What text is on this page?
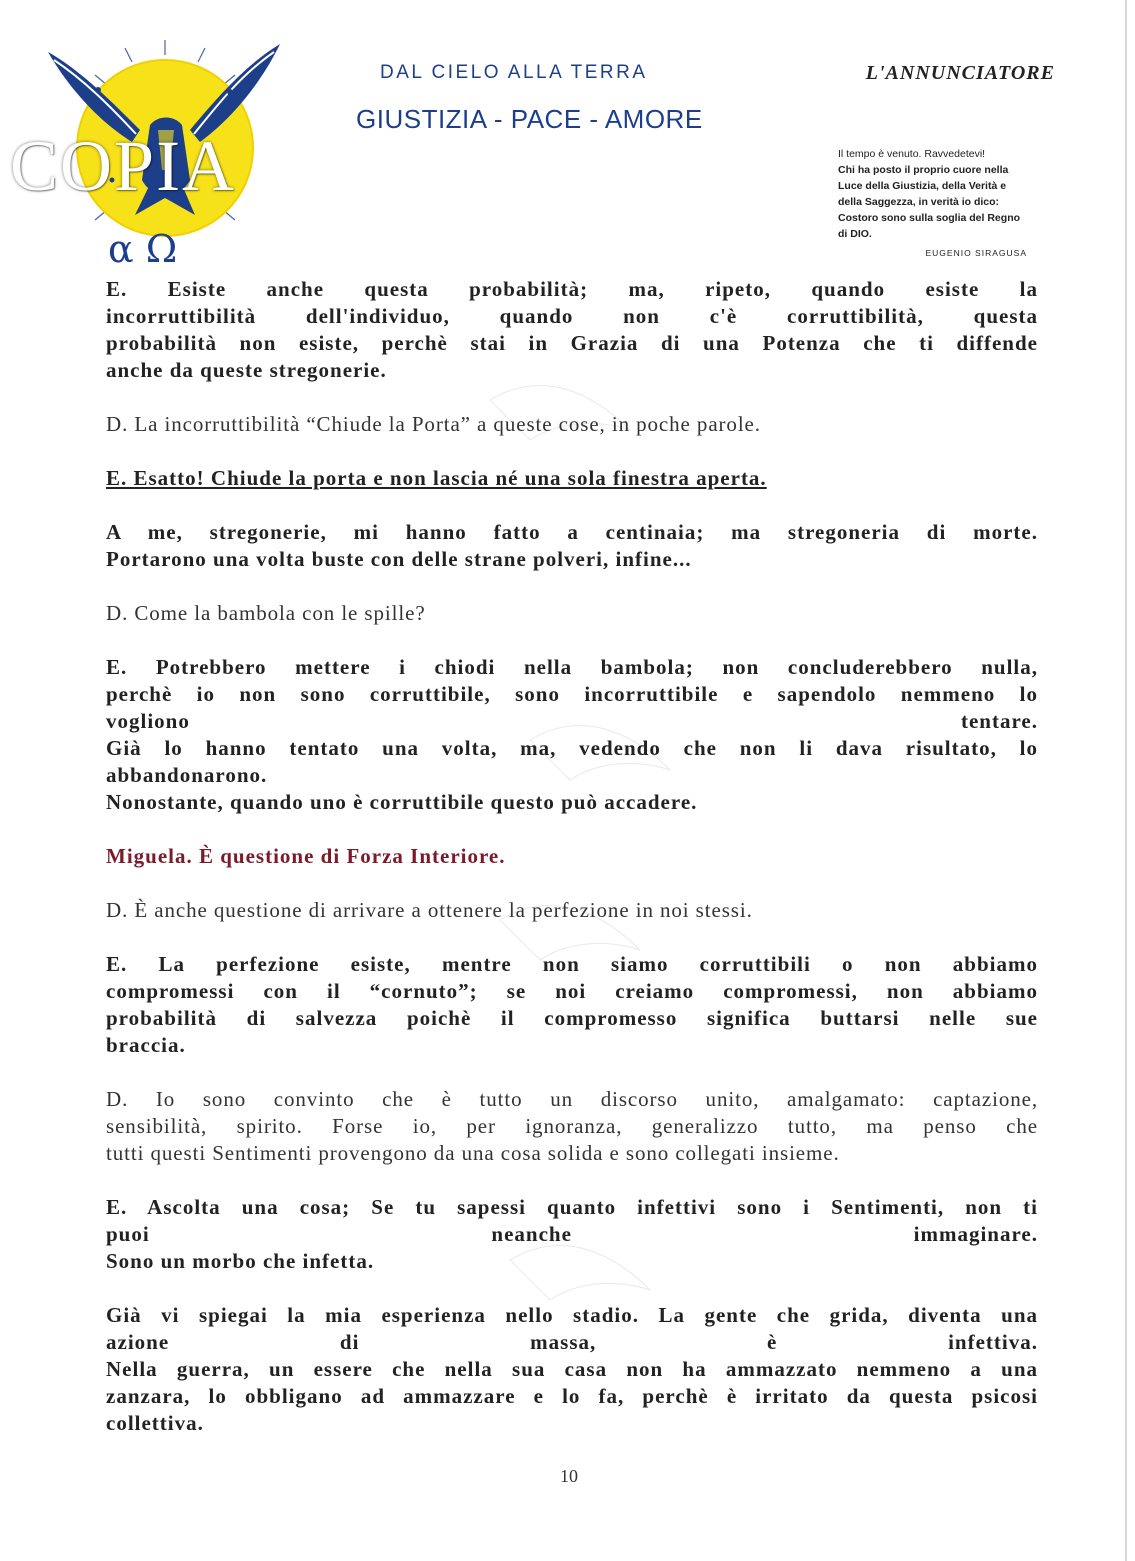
α Ω
COPIA
DAL CIELO ALLA TERRA
GIUSTIZIA - PACE - AMORE
L'ANNUNCIATORE
Il tempo è venuto. Ravvedetevi!
Chi ha posto il proprio cuore nella
Luce della Giustizia, della Verità e
della Saggezza, in verità io dico:
Costoro sono sulla soglia del Regno
di DIO.
EUGENIO SIRAGUSA
E. Esiste anche questa probabilità; ma, ripeto, quando esiste la
incorruttibilità dell'individuo, quando non c'è corruttibilità, questa
probabilità non esiste, perchè stai in Grazia di una Potenza che ti diffende
anche da queste stregonerie.
D. La incorruttibilità “Chiude la Porta” a queste cose, in poche parole.
E. Esatto! Chiude la porta e non lascia né una sola finestra aperta.
A me, stregonerie, mi hanno fatto a centinaia; ma stregoneria di morte.
Portarono una volta buste con delle strane polveri, infine...
D. Come la bambola con le spille?
E. Potrebbero mettere i chiodi nella bambola; non concluderebbero nulla,
perchè io non sono corruttibile, sono incorruttibile e sapendolo nemmeno lo
vogliono tentare.
Già lo hanno tentato una volta, ma, vedendo che non li dava risultato, lo
abbandonarono.
Nonostante, quando uno è corruttibile questo può accadere.
Miguela. È questione di Forza Interiore.
D. È anche questione di arrivare a ottenere la perfezione in noi stessi.
E. La perfezione esiste, mentre non siamo corruttibili o non abbiamo
compromessi con il “cornuto”; se noi creiamo compromessi, non abbiamo
probabilità di salvezza poichè il compromesso significa buttarsi nelle sue
braccia.
D. Io sono convinto che è tutto un discorso unito, amalgamato: captazione,
sensibilità, spirito. Forse io, per ignoranza, generalizzo tutto, ma penso che
tutti questi Sentimenti provengono da una cosa solida e sono collegati insieme.
E. Ascolta una cosa; Se tu sapessi quanto infettivi sono i Sentimenti, non ti
puoi neanche immaginare.
Sono un morbo che infetta.
Già vi spiegai la mia esperienza nello stadio. La gente che grida, diventa una
azione di massa, è infettiva.
Nella guerra, un essere che nella sua casa non ha ammazzato nemmeno a una
zanzara, lo obbligano ad ammazzare e lo fa, perchè è irritato da questa psicosi
collettiva.
10
